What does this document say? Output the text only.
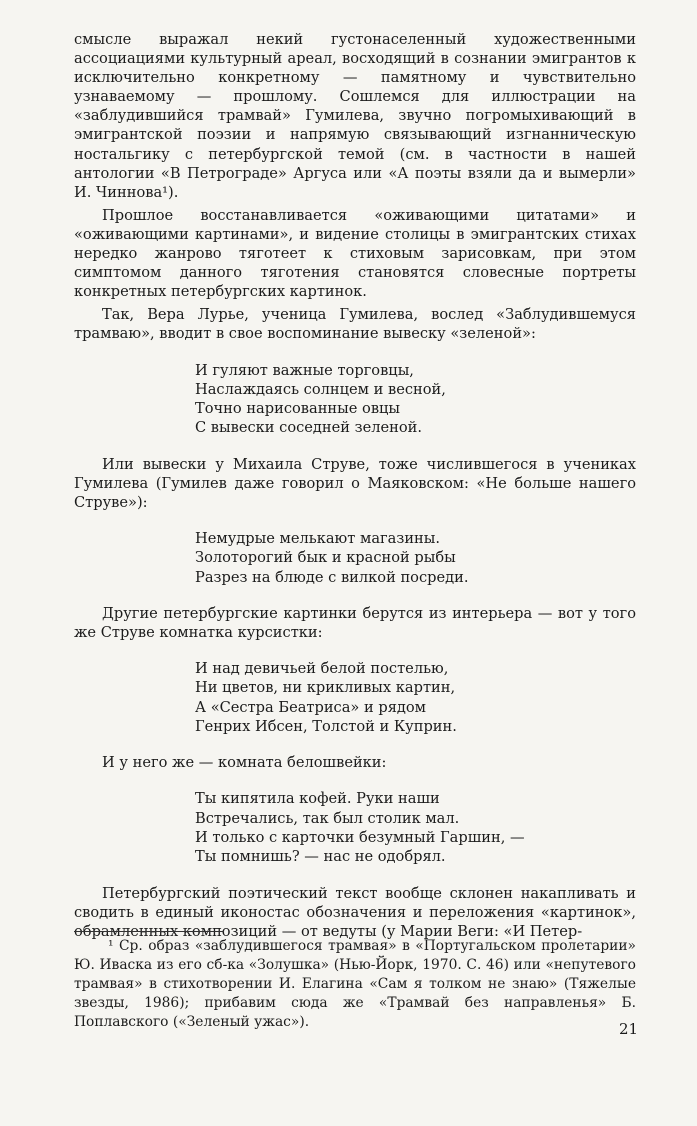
смысле выражал некий густонаселенный художественными ассоциациями культурный ареал, восходящий в сознании эмигрантов к исключительно конкретному — памятному и чувствительно узнаваемому — прошлому. Сошлемся для иллюстрации на «заблудившийся трамвай» Гумилева, звучно погромыхивающий в эмигрантской поэзии и напрямую связывающий изгнанническую ностальгику с петербургской темой (см. в частности в нашей антологии «В Петрограде» Аргуса или «А поэты взяли да и вымерли» И. Чиннова¹).

Прошлое восстанавливается «оживающими цитатами» и «оживающими картинами», и видение столицы в эмигрантских стихах нередко жанрово тяготеет к стиховым зарисовкам, при этом симптомом данного тяготения становятся словесные портреты конкретных петербургских картинок.

Так, Вера Лурье, ученица Гумилева, вослед «Заблудившемуся трамваю», вводит в свое воспоминание вывеску «зеленой»:

И гуляют важные торговцы,
Наслаждаясь солнцем и весной,
Точно нарисованные овцы
С вывески соседней зеленой.

Или вывески у Михаила Струве, тоже числившегося в учениках Гумилева (Гумилев даже говорил о Маяковском: «Не больше нашего Струве»):

Немудрые мелькают магазины.
Золоторогий бык и красной рыбы
Разрез на блюде с вилкой посреди.

Другие петербургские картинки берутся из интерьера — вот у того же Струве комнатка курсистки:

И над девичьей белой постелью,
Ни цветов, ни крикливых картин,
А «Сестра Беатриса» и рядом
Генрих Ибсен, Толстой и Куприн.

И у него же — комната белошвейки:

Ты кипятила кофей. Руки наши
Встречались, так был столик мал.
И только с карточки безумный Гаршин, —
Ты помнишь? — нас не одобрял.

Петербургский поэтический текст вообще склонен накапливать и сводить в единый иконостас обозначения и переложения «картинок», обрамленных композиций — от ведуты (у Марии Веги: «И Петер-

¹ Ср. образ «заблудившегося трамвая» в «Португальском пролетарии» Ю. Иваска из его сб-ка «Золушка» (Нью-Йорк, 1970. С. 46) или «непутевого трамвая» в стихотворении И. Елагина «Сам я толком не знаю» (Тяжелые звезды, 1986); прибавим сюда же «Трамвай без направленья» Б. Поплавского («Зеленый ужас»).	21
